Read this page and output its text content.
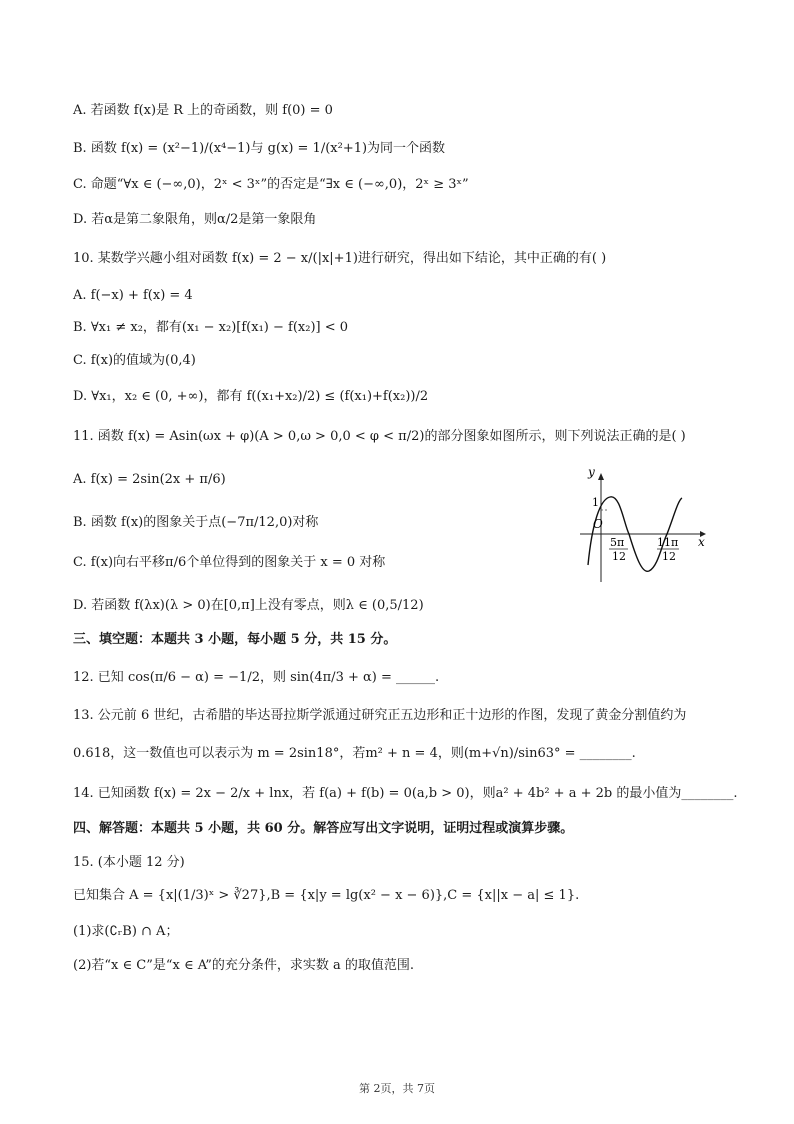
A. 若函数 f(x)是 R 上的奇函数，则 f(0) = 0
B. 函数 f(x) = (x²−1)/(x⁴−1)与 g(x) = 1/(x²+1)为同一个函数
C. 命题“∀x ∈ (−∞,0)，2ˣ < 3ˣ”的否定是“∃x ∈ (−∞,0)，2ˣ ≥ 3ˣ”
D. 若α是第二象限角，则α/2是第一象限角
10. 某数学兴趣小组对函数 f(x) = 2 − x/(|x|+1)进行研究，得出如下结论，其中正确的有( )
A. f(−x) + f(x) = 4
B. ∀x₁ ≠ x₂，都有(x₁ − x₂)[f(x₁) − f(x₂)] < 0
C. f(x)的值域为(0,4)
D. ∀x₁，x₂ ∈ (0, +∞)，都有 f((x₁+x₂)/2) ≤ (f(x₁)+f(x₂))/2
11. 函数 f(x) = Asin(ωx + φ)(A > 0,ω > 0,0 < φ < π/2)的部分图象如图所示，则下列说法正确的是( )
A. f(x) = 2sin(2x + π/6)
B. 函数 f(x)的图象关于点(−7π/12,0)对称
C. f(x)向右平移π/6个单位得到的图象关于 x = 0 对称
D. 若函数 f(λx)(λ > 0)在[0,π]上没有零点，则λ ∈ (0,5/12)
y
x
1
O
5π
12
11π
12
三、填空题：本题共 3 小题，每小题 5 分，共 15 分。
12. 已知 cos(π/6 − α) = −1/2，则 sin(4π/3 + α) = ______.
13. 公元前 6 世纪，古希腊的毕达哥拉斯学派通过研究正五边形和正十边形的作图，发现了黄金分割值约为
0.618，这一数值也可以表示为 m = 2sin18°，若m² + n = 4，则(m+√n)/sin63° = ________.
14. 已知函数 f(x) = 2x − 2/x + lnx，若 f(a) + f(b) = 0(a,b > 0)，则a² + 4b² + a + 2b 的最小值为________.
四、解答题：本题共 5 小题，共 60 分。解答应写出文字说明，证明过程或演算步骤。
15. (本小题 12 分)
已知集合 A = {x|(1/3)ˣ > ∛27},B = {x|y = lg(x² − x − 6)},C = {x||x − a| ≤ 1}.
(1)求(∁ᵣB) ∩ A；
(2)若“x ∈ C”是“x ∈ A”的充分条件，求实数 a 的取值范围.
第 2页，共 7页
